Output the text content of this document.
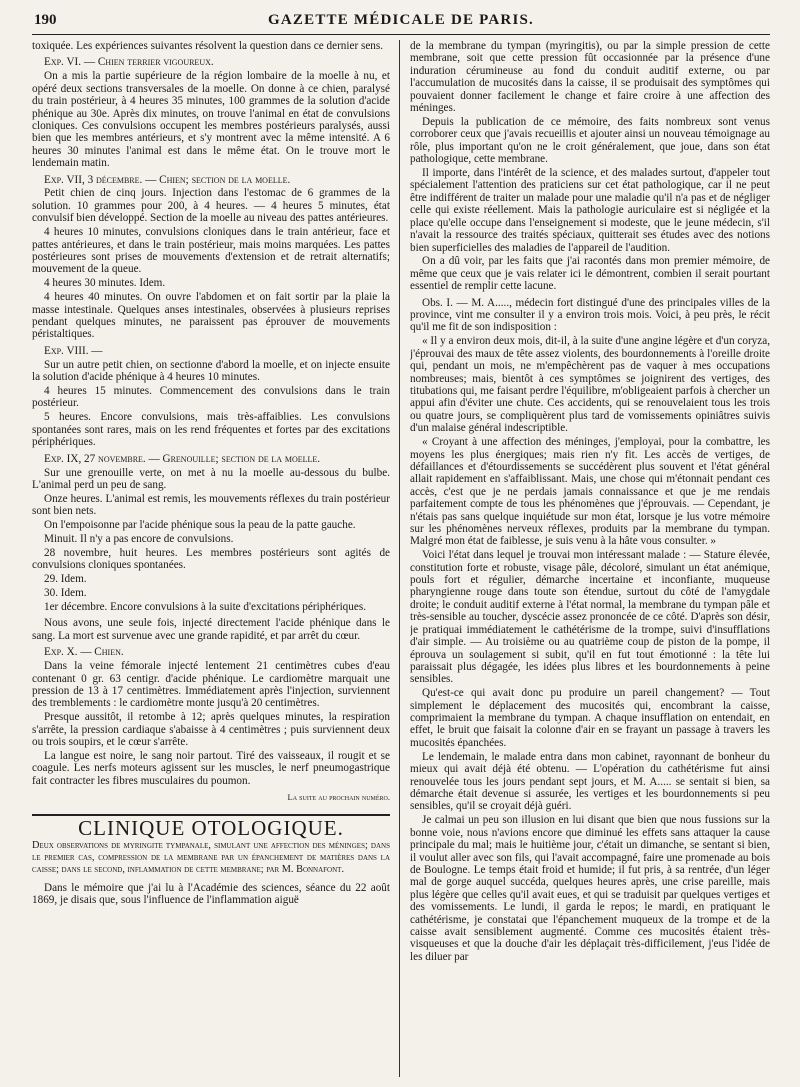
190	GAZETTE MÉDICALE DE PARIS.

toxiquée. Les expériences suivantes résolvent la question dans ce dernier sens.

Exp. VI. — Chien terrier vigoureux.

On a mis la partie supérieure de la région lombaire de la moelle à nu, et opéré deux sections transversales de la moelle. On donne à ce chien, paralysé du train postérieur, à 4 heures 35 minutes, 100 grammes de la solution d'acide phénique au 30e. Après dix minutes, on trouve l'animal en état de convulsions cloniques. Ces convulsions occupent les membres postérieurs paralysés, aussi bien que les membres antérieurs, et s'y montrent avec la même intensité. A 6 heures 30 minutes l'animal est dans le même état. On le trouve mort le lendemain matin.

Exp. VII, 3 décembre. — Chien; section de la moelle.

Petit chien de cinq jours. Injection dans l'estomac de 6 grammes de la solution. 10 grammes pour 200, à 4 heures. — 4 heures 5 minutes, état convulsif bien développé. Section de la moelle au niveau des pattes antérieures.

4 heures 10 minutes, convulsions cloniques dans le train antérieur, face et pattes antérieures, et dans le train postérieur, mais moins marquées. Les pattes postérieures sont prises de mouvements d'extension et de retrait alternatifs; mouvement de la queue.

4 heures 30 minutes. Idem.

4 heures 40 minutes. On ouvre l'abdomen et on fait sortir par la plaie la masse intestinale. Quelques anses intestinales, observées à plusieurs reprises pendant quelques minutes, ne paraissent pas éprouver de mouvements péristaltiques.

Exp. VIII. —

Sur un autre petit chien, on sectionne d'abord la moelle, et on injecte ensuite la solution d'acide phénique à 4 heures 10 minutes.

4 heures 15 minutes. Commencement des convulsions dans le train postérieur.

5 heures. Encore convulsions, mais très-affaiblies. Les convulsions spontanées sont rares, mais on les rend fréquentes et fortes par des excitations périphériques.

Exp. IX, 27 novembre. — Grenouille; section de la moelle.

Sur une grenouille verte, on met à nu la moelle au-dessous du bulbe. L'animal perd un peu de sang.

Onze heures. L'animal est remis, les mouvements réflexes du train postérieur sont bien nets.

On l'empoisonne par l'acide phénique sous la peau de la patte gauche.

Minuit. Il n'y a pas encore de convulsions.

28 novembre, huit heures. Les membres postérieurs sont agités de convulsions cloniques spontanées.

29. Idem.

30. Idem.

1er décembre. Encore convulsions à la suite d'excitations périphériques.

Nous avons, une seule fois, injecté directement l'acide phénique dans le sang. La mort est survenue avec une grande rapidité, et par arrêt du cœur.

Exp. X. — Chien.

Dans la veine fémorale injecté lentement 21 centimètres cubes d'eau contenant 0 gr. 63 centigr. d'acide phénique. Le cardiomètre marquait une pression de 13 à 17 centimètres. Immédiatement après l'injection, surviennent des tremblements : le cardiomètre monte jusqu'à 20 centimètres.

Presque aussitôt, il retombe à 12; après quelques minutes, la respiration s'arrête, la pression cardiaque s'abaisse à 4 centimètres ; puis surviennent deux ou trois soupirs, et le cœur s'arrête.

La langue est noire, le sang noir partout. Tiré des vaisseaux, il rougit et se coagule. Les nerfs moteurs agissent sur les muscles, le nerf pneumogastrique fait contracter les fibres musculaires du poumon.

La suite au prochain numéro.
CLINIQUE OTOLOGIQUE.
Deux observations de myringite tympanale, simulant une affection des méninges; dans le premier cas, compression de la membrane par un épanchement de matières dans la caisse; dans le second, inflammation de cette membrane; par M. Bonnafont.

Dans le mémoire que j'ai lu à l'Académie des sciences, séance du 22 août 1869, je disais que, sous l'influence de l'inflammation aiguë

de la membrane du tympan (myringitis), ou par la simple pression de cette membrane, soit que cette pression fût occasionnée par la présence d'une induration cérumineuse au fond du conduit auditif externe, ou par l'accumulation de mucosités dans la caisse, il se produisait des symptômes qui pouvaient donner facilement le change et faire croire à une affection des méninges.

Depuis la publication de ce mémoire, des faits nombreux sont venus corroborer ceux que j'avais recueillis et ajouter ainsi un nouveau témoignage au rôle, plus important qu'on ne le croit généralement, que joue, dans son état pathologique, cette membrane.

Il importe, dans l'intérêt de la science, et des malades surtout, d'appeler tout spécialement l'attention des praticiens sur cet état pathologique, car il ne peut être indifférent de traiter un malade pour une maladie qu'il n'a pas et de négliger celle qui existe réellement. Mais la pathologie auriculaire est si négligée et la place qu'elle occupe dans l'enseignement si modeste, que le jeune médecin, s'il n'avait la ressource des traités spéciaux, quitterait ses études avec des notions bien superficielles des maladies de l'appareil de l'audition.

On a dû voir, par les faits que j'ai racontés dans mon premier mémoire, de même que ceux que je vais relater ici le démontrent, combien il serait pourtant essentiel de remplir cette lacune.

Obs. I. — M. A....., médecin fort distingué d'une des principales villes de la province, vint me consulter il y a environ trois mois. Voici, à peu près, le récit qu'il me fit de son indisposition :

« Il y a environ deux mois, dit-il, à la suite d'une angine légère et d'un coryza, j'éprouvai des maux de tête assez violents, des bourdonnements à l'oreille droite qui, pendant un mois, ne m'empêchèrent pas de vaquer à mes occupations nombreuses; mais, bientôt à ces symptômes se joignirent des vertiges, des titubations qui, me faisant perdre l'équilibre, m'obligeaient parfois à chercher un appui afin d'éviter une chute. Ces accidents, qui se renouvelaient tous les trois ou quatre jours, se compliquèrent plus tard de vomissements opiniâtres suivis d'un malaise général indescriptible.

« Croyant à une affection des méninges, j'employai, pour la combattre, les moyens les plus énergiques; mais rien n'y fit. Les accès de vertiges, de défaillances et d'étourdissements se succédèrent plus souvent et l'état général allait rapidement en s'affaiblissant. Mais, une chose qui m'étonnait pendant ces accès, c'est que je ne perdais jamais connaissance et que je me rendais parfaitement compte de tous les phénomènes que j'éprouvais. — Cependant, je n'étais pas sans quelque inquiétude sur mon état, lorsque je lus votre mémoire sur les phénomènes nerveux réflexes, produits par la membrane du tympan. Malgré mon état de faiblesse, je suis venu à la hâte vous consulter. »

Voici l'état dans lequel je trouvai mon intéressant malade : — Stature élevée, constitution forte et robuste, visage pâle, décoloré, simulant un état anémique, pouls fort et régulier, démarche incertaine et inconfiante, muqueuse pharyngienne rouge dans toute son étendue, surtout du côté de l'amygdale droite; le conduit auditif externe à l'état normal, la membrane du tympan pâle et très-sensible au toucher, dyscécie assez prononcée de ce côté. D'après son désir, je pratiquai immédiatement le cathétérisme de la trompe, suivi d'insufflations d'air simple. — Au troisième ou au quatrième coup de piston de la pompe, il éprouva un soulagement si subit, qu'il en fut tout émotionné : la tête lui paraissait plus dégagée, les idées plus libres et les bourdonnements à peine sensibles.

Qu'est-ce qui avait donc pu produire un pareil changement? — Tout simplement le déplacement des mucosités qui, encombrant la caisse, comprimaient la membrane du tympan. A chaque insufflation on entendait, en effet, le bruit que faisait la colonne d'air en se frayant un passage à travers les mucosités épanchées.

Le lendemain, le malade entra dans mon cabinet, rayonnant de bonheur du mieux qui avait déjà été obtenu. — L'opération du cathétérisme fut ainsi renouvelée tous les jours pendant sept jours, et M. A..... se sentait si bien, sa démarche était devenue si assurée, les vertiges et les bourdonnements si peu sensibles, qu'il se croyait déjà guéri.

Je calmai un peu son illusion en lui disant que bien que nous fussions sur la bonne voie, nous n'avions encore que diminué les effets sans attaquer la cause principale du mal; mais le huitième jour, c'était un dimanche, se sentant si bien, il voulut aller avec son fils, qui l'avait accompagné, faire une promenade au bois de Boulogne. Le temps était froid et humide; il fut pris, à sa rentrée, d'un léger mal de gorge auquel succéda, quelques heures après, une crise pareille, mais plus légère que celles qu'il avait eues, et qui se traduisit par quelques vertiges et des vomissements. Le lundi, il garda le repos; le mardi, en pratiquant le cathétérisme, je constatai que l'épanchement muqueux de la trompe et de la caisse avait sensiblement augmenté. Comme ces mucosités étaient très-visqueuses et que la douche d'air les déplaçait très-difficilement, j'eus l'idée de les diluer par
